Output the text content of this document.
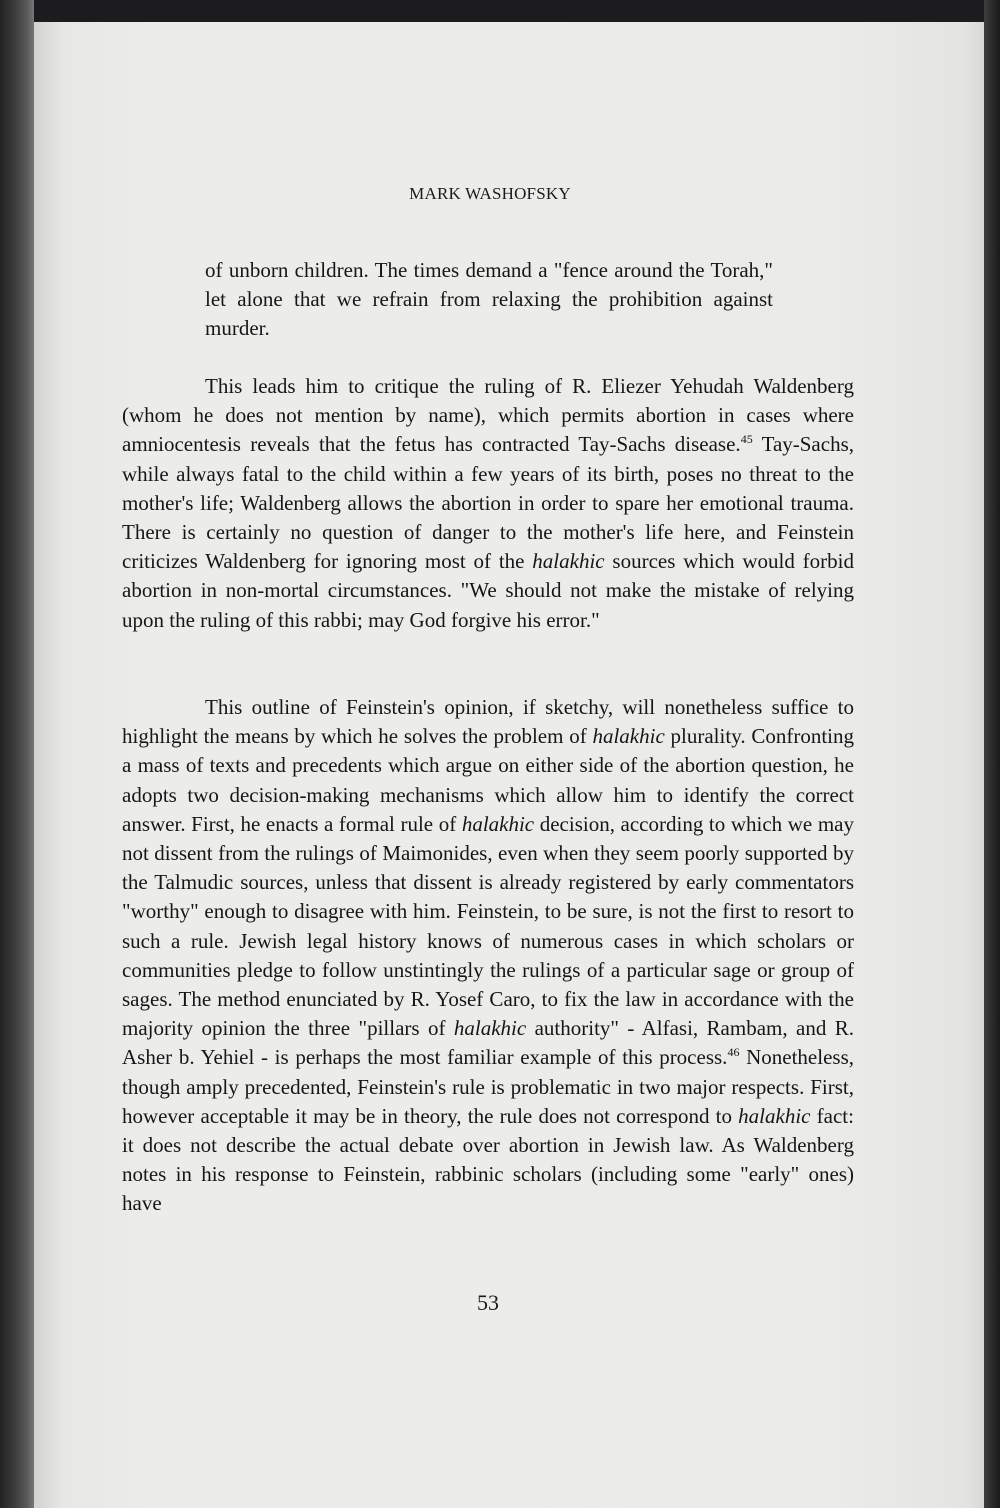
MARK WASHOFSKY
of unborn children. The times demand a "fence around the Torah," let alone that we refrain from relaxing the prohibition against murder.
This leads him to critique the ruling of R. Eliezer Yehudah Waldenberg (whom he does not mention by name), which permits abortion in cases where amniocentesis reveals that the fetus has contracted Tay-Sachs disease.$^{45}$ Tay-Sachs, while always fatal to the child within a few years of its birth, poses no threat to the mother's life; Waldenberg allows the abortion in order to spare her emotional trauma. There is certainly no question of danger to the mother's life here, and Feinstein criticizes Waldenberg for ignoring most of the halakhic sources which would forbid abortion in non-mortal circumstances. "We should not make the mistake of relying upon the ruling of this rabbi; may God forgive his error."
This outline of Feinstein's opinion, if sketchy, will nonetheless suffice to highlight the means by which he solves the problem of halakhic plurality. Confronting a mass of texts and precedents which argue on either side of the abortion question, he adopts two decision-making mechanisms which allow him to identify the correct answer. First, he enacts a formal rule of halakhic decision, according to which we may not dissent from the rulings of Maimonides, even when they seem poorly supported by the Talmudic sources, unless that dissent is already registered by early commentators "worthy" enough to disagree with him. Feinstein, to be sure, is not the first to resort to such a rule. Jewish legal history knows of numerous cases in which scholars or communities pledge to follow unstintingly the rulings of a particular sage or group of sages. The method enunciated by R. Yosef Caro, to fix the law in accordance with the majority opinion the three "pillars of halakhic authority" - Alfasi, Rambam, and R. Asher b. Yehiel - is perhaps the most familiar example of this process.$^{46}$ Nonetheless, though amply precedented, Feinstein's rule is problematic in two major respects. First, however acceptable it may be in theory, the rule does not correspond to halakhic fact: it does not describe the actual debate over abortion in Jewish law. As Waldenberg notes in his response to Feinstein, rabbinic scholars (including some "early" ones) have
53
